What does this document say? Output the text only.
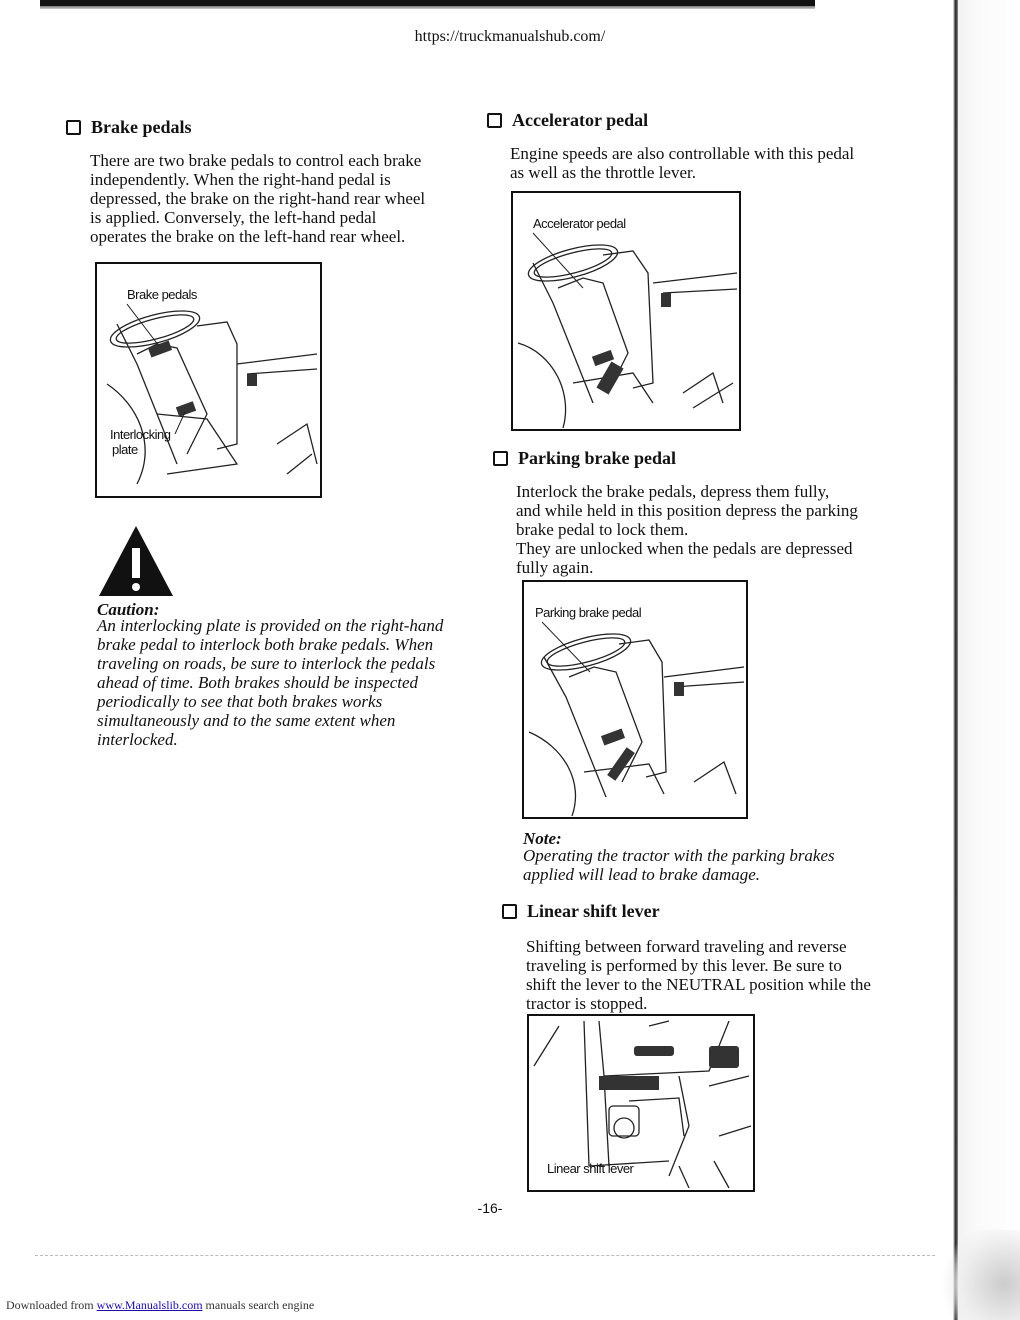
https://truckmanualshub.com/
Brake pedals

There are two brake pedals to control each brake

independently. When the right-hand pedal is

depressed, the brake on the right-hand rear wheel

is applied. Conversely, the left-hand pedal

operates the brake on the left-hand rear wheel.

Brake pedals
Interlocking
plate
Caution:

An interlocking plate is provided on the right-hand

brake pedal to interlock both brake pedals. When

traveling on roads, be sure to interlock the pedals

ahead of time. Both brakes should be inspected

periodically to see that both brakes works

simultaneously and to the same extent when

interlocked.

Accelerator pedal

Engine speeds are also controllable with this pedal

as well as the throttle lever.

Accelerator pedal
Parking brake pedal

Interlock the brake pedals, depress them fully,

and while held in this position depress the parking

brake pedal to lock them.

They are unlocked when the pedals are depressed

fully again.

Parking brake pedal
Note:

Operating the tractor with the parking brakes

applied will lead to brake damage.

Linear shift lever

Shifting between forward traveling and reverse

traveling is performed by this lever. Be sure to

shift the lever to the NEUTRAL position while the

tractor is stopped.

Linear shift lever
-16-
Downloaded from www.Manualslib.com manuals search engine
